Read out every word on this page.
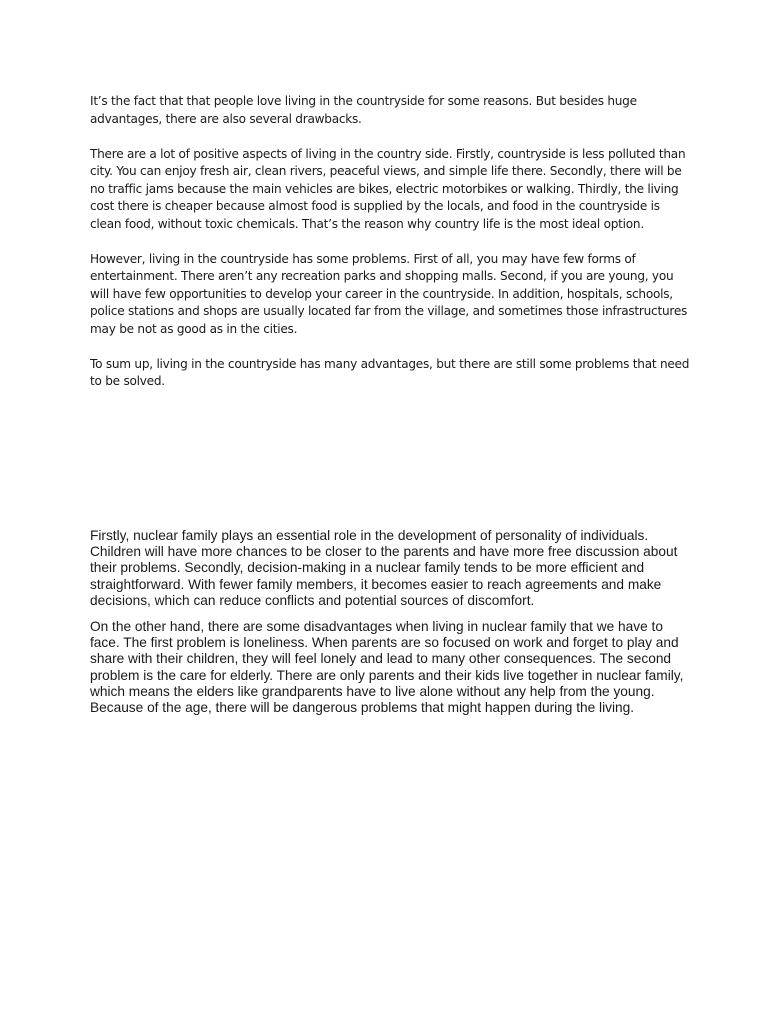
It’s the fact that that people love living in the countryside for some reasons. But besides huge advantages, there are also several drawbacks.

There are a lot of positive aspects of living in the country side. Firstly, countryside is less polluted than city. You can enjoy fresh air, clean rivers, peaceful views, and simple life there. Secondly, there will be no traffic jams because the main vehicles are bikes, electric motorbikes or walking. Thirdly, the living cost there is cheaper because almost food is supplied by the locals, and food in the countryside is clean food, without toxic chemicals. That’s the reason why country life is the most ideal option.

However, living in the countryside has some problems. First of all, you may have few forms of entertainment. There aren’t any recreation parks and shopping malls. Second, if you are young, you will have few opportunities to develop your career in the countryside. In addition, hospitals, schools, police stations and shops are usually located far from the village, and sometimes those infrastructures may be not as good as in the cities.

To sum up, living in the countryside has many advantages, but there are still some problems that need to be solved.

Firstly, nuclear family plays an essential role in the development of personality of individuals. Children will have more chances to be closer to the parents and have more free discussion about their problems. Secondly, decision-making in a nuclear family tends to be more efficient and straightforward. With fewer family members, it becomes easier to reach agreements and make decisions, which can reduce conflicts and potential sources of discomfort.

On the other hand, there are some disadvantages when living in nuclear family that we have to face. The first problem is loneliness. When parents are so focused on work and forget to play and share with their children, they will feel lonely and lead to many other consequences. The second problem is the care for elderly. There are only parents and their kids live together in nuclear family, which means the elders like grandparents have to live alone without any help from the young. Because of the age, there will be dangerous problems that might happen during the living.
